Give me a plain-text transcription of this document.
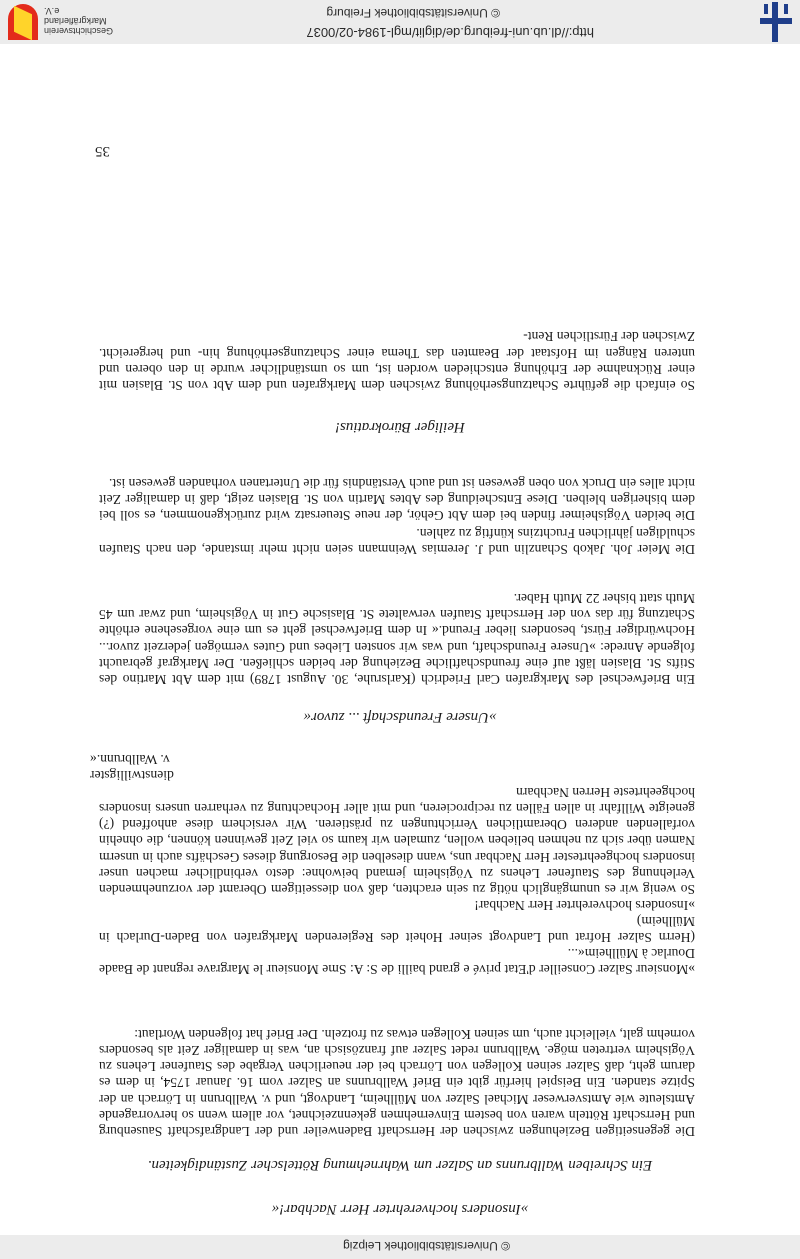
© Universitätsbibliothek Leipzig
»Insonders hochverehrter Herr Nachbar!«
Ein Schreiben Wallbrunns an Salzer um Wahrnehmung Röttelscher Zuständigkeiten.
Die gegenseitigen Beziehungen zwischen der Herrschaft Badenweiler und der Landgrafschaft Sausenburg und Herrschaft Rötteln waren von bestem Einvernehmen gekennzeichnet, vor allem wenn so hervorragende Amtsleute wie Amtsverweser Michael Salzer von Müllheim, Landvogt, und v. Wallbrunn in Lörrach an der Spitze standen. Ein Beispiel hierfür gibt ein Brief Wallbrunns an Salzer vom 16. Januar 1754, in dem es darum geht, daß Salzer seinen Kollegen von Lörrach bei der neuerlichen Vergabe des Staufener Lehens zu Vögisheim vertreten möge. Wallbrunn redet Salzer auf französisch an, was in damaliger Zeit als besonders vornehm galt, vielleicht auch, um seinen Kollegen etwas zu frotzeln. Der Brief hat folgenden Wortlaut:
»Monsieur Salzer Conseiller d'Etat privé e grand bailli de S: A: Sme Monsieur le Margrave regnant de Baade Dourlac à Müllheim«...
(Herrn Salzer Hofrat und Landvogt seiner Hoheit des Regierenden Markgrafen von Baden-Durlach in Müllheim)
»Insonders hochverehrter Herr Nachbar!
So wenig wir es unumgänglich nötig zu sein erachten, daß von diesseitigem Oberamt der vorzunehmenden Verlehnung des Staufener Lehens zu Vögisheim jemand beiwohne: desto verbindlicher machen unser insonders hochgeehrtester Herr Nachbar uns, wann dieselben die Besorgung dieses Geschäfts auch in unserm Namen über sich zu nehmen belieben wollen, zumalen wir kaum so viel Zeit gewinnen können, die ohnehin vorfallenden anderen Oberamtlichen Verrichtungen zu prästieren. Wir versichern diese anhoffend (?) geneigte Willfahr in allen Fällen zu reciprocieren, und mit aller Hochachtung zu verharren unsers insonders hochgeehrteste Herren Nachbarn
dienstwilligster
v. Wallbrunn.«
»Unsere Freundschaft ... zuvor«
Ein Briefwechsel des Markgrafen Carl Friedrich (Karlsruhe, 30. August 1789) mit dem Abt Martino des Stifts St. Blasien läßt auf eine freundschaftliche Beziehung der beiden schließen. Der Markgraf gebraucht folgende Anrede: »Unsere Freundschaft, und was wir sonsten Liebes und Gutes vermögen jederzeit zuvor... Hochwürdiger Fürst, besonders lieber Freund.« In dem Briefwechsel geht es um eine vorgesehene erhöhte Schatzung für das von der Herrschaft Staufen verwaltete St. Blasische Gut in Vögisheim, und zwar um 45 Muth statt bisher 22 Muth Haber.
Die Meier Joh. Jakob Schanzlin und J. Jeremias Weinmann seien nicht mehr imstande, den nach Staufen schuldigen jährlichen Fruchtzins künftig zu zahlen.
Die beiden Vögisheimer finden bei dem Abt Gehör, der neue Steuersatz wird zurückgenommen, es soll bei dem bisherigen bleiben. Diese Entscheidung des Abtes Martin von St. Blasien zeigt, daß in damaliger Zeit nicht alles ein Druck von oben gewesen ist und auch Verständnis für die Untertanen vorhanden gewesen ist.
Heiliger Bürokratius!
So einfach die geführte Schatzungserhöhung zwischen dem Markgrafen und dem Abt von St. Blasien mit einer Rücknahme der Erhöhung entschieden worden ist, um so umständlicher wurde in den oberen und unteren Rängen im Hofstaat der Beamten das Thema einer Schatzungserhöhung hin- und hergereicht. Zwischen der Fürstlichen Rent-
35
http://dl.ub.uni-freiburg.de/diglit/mgl-1984-02/0037
© Universitätsbibliothek Freiburg
Geschichtsverein
Markgräflerland e.V.
